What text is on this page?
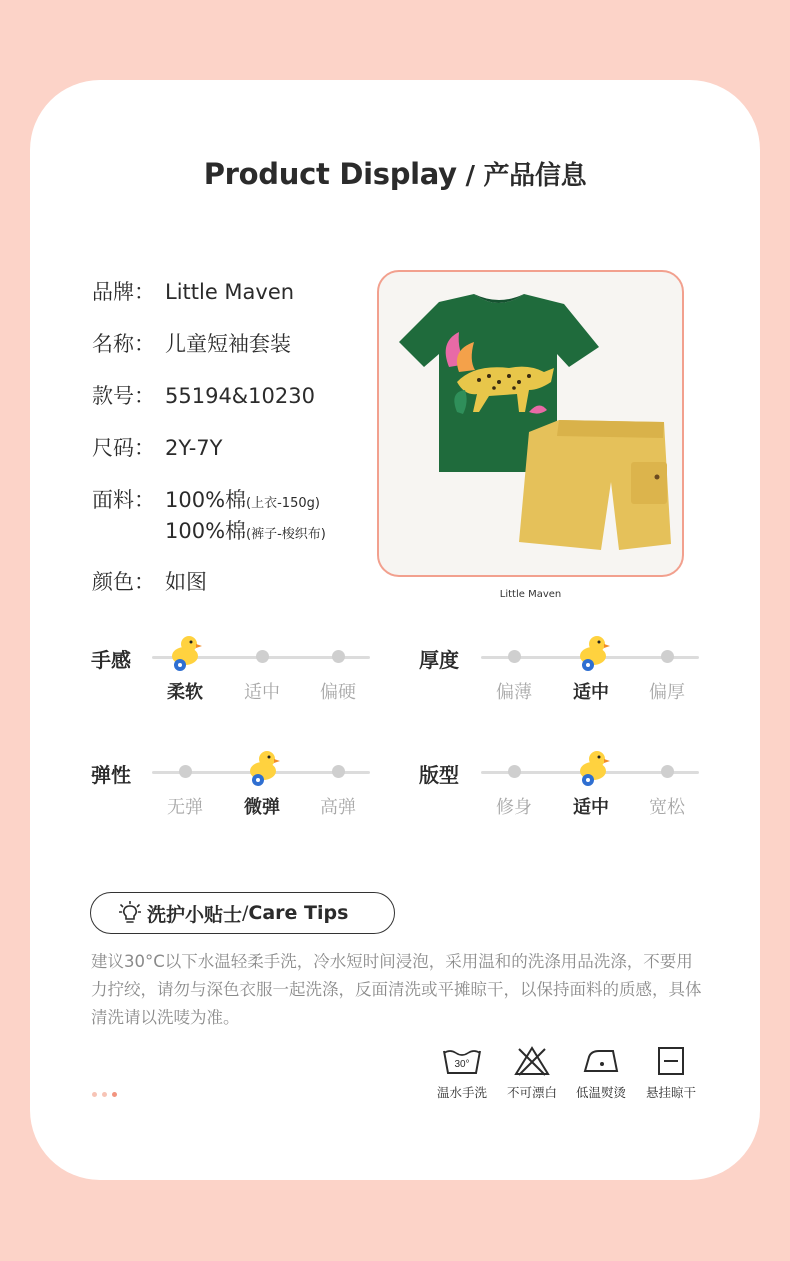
Product Display / 产品信息
品牌： Little Maven
名称： 儿童短袖套装
款号： 55194&10230
尺码： 2Y-7Y
面料： 100%棉(上衣-150g)
100%棉(裤子-梭织布)
颜色： 如图
Little Maven
手感
柔软	适中	偏硬
厚度
偏薄	适中	偏厚
弹性
无弹	微弹	高弹
版型
修身	适中	宽松
洗护小贴士 / Care Tips
建议30°C以下水温轻柔手洗，冷水短时间浸泡，采用温和的洗涤用品洗涤，不要用力拧绞，请勿与深色衣服一起洗涤，反面清洗或平摊晾干，以保持面料的质感，具体清洗请以洗唛为准。
30°
温水手洗	不可漂白	低温熨烫	悬挂晾干
